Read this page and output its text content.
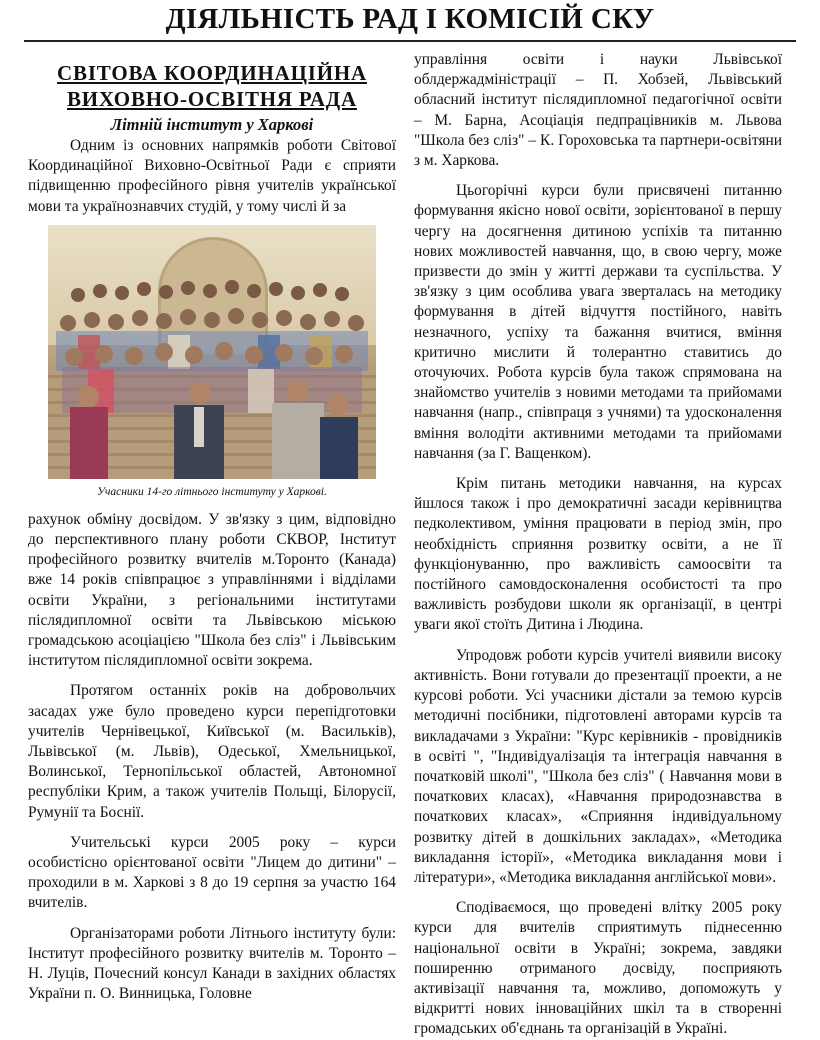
ДІЯЛЬНІСТЬ РАД І КОМІСІЙ СКУ
СВІТОВА КООРДИНАЦІЙНА
ВИХОВНО-ОСВІТНЯ РАДА
Літній інститут у Харкові

Одним із основних напрямків роботи Світової Координаційної Виховно-Освітньої Ради є сприяти підвищенню професійного рівня учителів української мови та українознавчих студій, у тому числі й за

Учасники 14-го літнього інституту у Харкові.

рахунок обміну досвідом. У зв'язку з цим, відповідно до перспективного плану роботи СКВОР, Інститут професійного розвитку вчителів м.Торонто (Канада) вже 14 років співпрацює з управліннями і відділами освіти України, з регіональними інститутами післядипломної освіти та Львівською міською громадською асоціацією "Школа без сліз" і Львівським інститутом післядипломної освіти зокрема.

Протягом останніх років на добровольчих засадах уже було проведено курси перепідготовки учителів Чернівецької, Київської (м. Васильків), Львівської (м. Львів), Одеської, Хмельницької, Волинської, Тернопільської областей, Автономної республіки Крим, а також учителів Польщі, Білорусії, Румунії та Боснії.

Учительські курси 2005 року – курси особистісно орієнтованої освіти "Лицем до дитини" – проходили в м. Харкові з 8 до 19 серпня за участю 164 вчителів.

Організаторами роботи Літнього інституту були: Інститут професійного розвитку вчителів м. Торонто – Н. Луців, Почесний консул Канади в західних областях України п. О. Винницька, Головне

управління освіти і науки Львівської облдержадміністрації – П. Хобзей, Львівський обласний інститут післядипломної педагогічної освіти – М. Барна, Асоціація педпрацівників м. Львова "Школа без сліз" – К. Гороховська та партнери-освітяни з м. Харкова.

Цьогорічні курси були присвячені питанню формування якісно нової освіти, зорієнтованої в першу чергу на досягнення дитиною успіхів та питанню нових можливостей навчання, що, в свою чергу, може призвести до змін у житті держави та суспільства. У зв'язку з цим особлива увага зверталась на методику формування в дітей відчуття постійного, навіть незначного, успіху та бажання вчитися, вміння критично мислити й толерантно ставитись до оточуючих. Робота курсів була також спрямована на знайомство учителів з новими методами та прийомами навчання (напр., співпраця з учнями) та удосконалення вміння володіти активними методами та прийомами навчання (за Г. Ващенком).

Крім питань методики навчання, на курсах йшлося також і про демократичні засади керівництва педколективом, уміння працювати в період змін, про необхідність сприяння розвитку освіти, а не її функціонуванню, про важливість самоосвіти та постійного самовдосконалення особистості та про важливість розбудови школи як організації, в центрі уваги якої стоїть Дитина і Людина.

Упродовж роботи курсів учителі виявили високу активність. Вони готували до презентації проекти, а не курсові роботи. Усі учасники дістали за темою курсів методичні посібники, підготовлені авторами курсів та викладачами з України: "Курс керівників - провідників в освіті ", "Індивідуалізація та інтеграція навчання в початковій школі", "Школа без сліз" ( Навчання мови в початкових класах), «Навчання природознавства в початкових класах», «Сприяння індивідуальному розвитку дітей в дошкільних закладах», «Методика викладання історії», «Методика викладання мови і літератури», «Методика викладання англійської мови».

Сподіваємося, що проведені влітку 2005 року курси для вчителів сприятимуть піднесенню національної освіти в Україні; зокрема, завдяки поширенню отриманого досвіду, посприяють активізації навчання та, можливо, допоможуть у відкритті нових інноваційних шкіл та в створенні громадських об'єднань та організацій в Україні.
